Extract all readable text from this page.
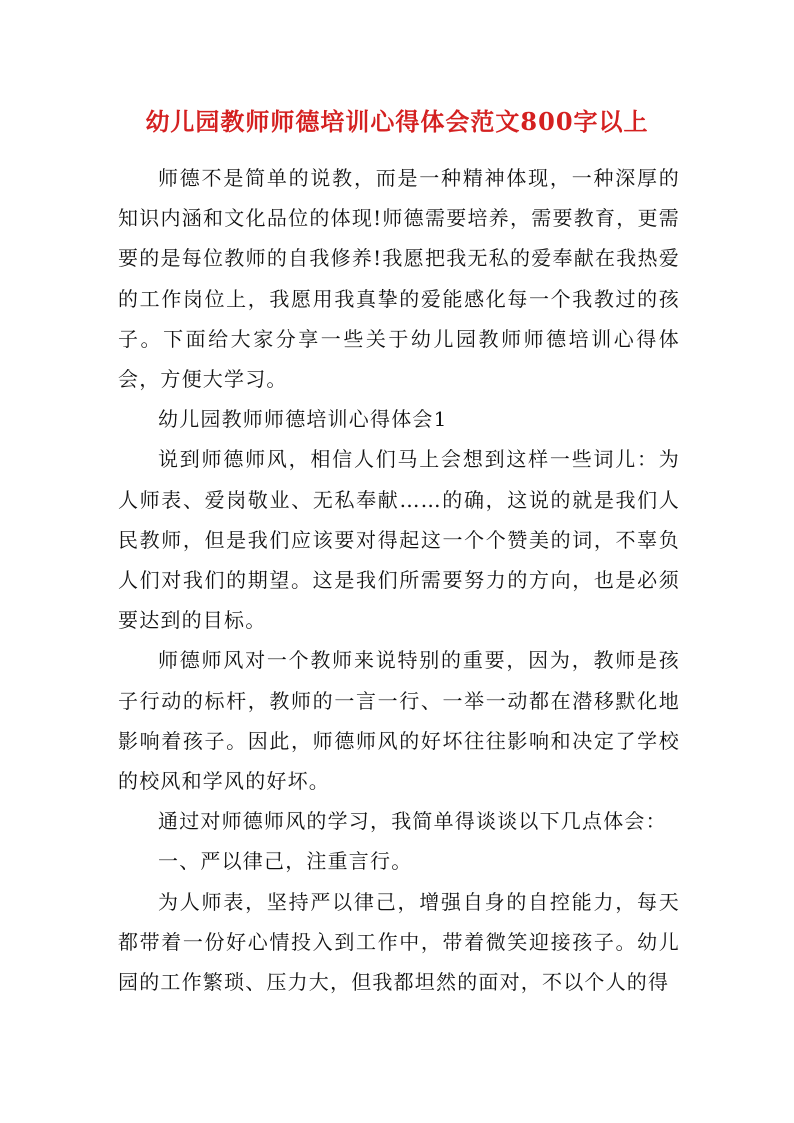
幼儿园教师师德培训心得体会范文800字以上

师德不是简单的说教，而是一种精神体现，一种深厚的知识内涵和文化品位的体现!师德需要培养，需要教育，更需要的是每位教师的自我修养!我愿把我无私的爱奉献在我热爱的工作岗位上，我愿用我真挚的爱能感化每一个我教过的孩子。下面给大家分享一些关于幼儿园教师师德培训心得体会，方便大学习。

幼儿园教师师德培训心得体会1

说到师德师风，相信人们马上会想到这样一些词儿：为人师表、爱岗敬业、无私奉献……的确，这说的就是我们人民教师，但是我们应该要对得起这一个个赞美的词，不辜负人们对我们的期望。这是我们所需要努力的方向，也是必须要达到的目标。

师德师风对一个教师来说特别的重要，因为，教师是孩子行动的标杆，教师的一言一行、一举一动都在潜移默化地影响着孩子。因此，师德师风的好坏往往影响和决定了学校的校风和学风的好坏。

通过对师德师风的学习，我简单得谈谈以下几点体会：

一、严以律己，注重言行。

为人师表，坚持严以律己，增强自身的自控能力，每天都带着一份好心情投入到工作中，带着微笑迎接孩子。幼儿园的工作繁琐、压力大，但我都坦然的面对，不以个人的得
